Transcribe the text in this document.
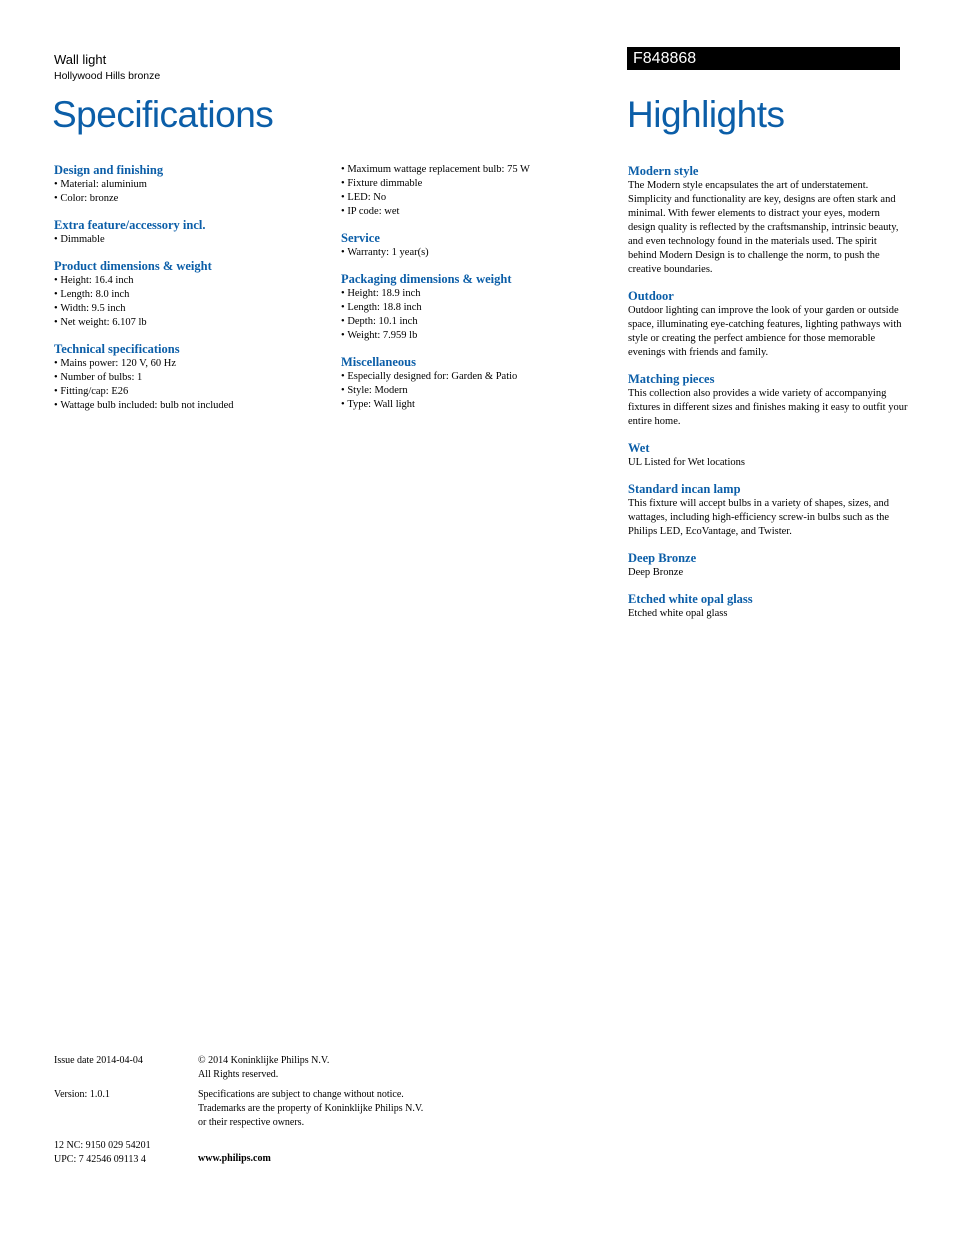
Wall light
Hollywood Hills bronze
F848868
Specifications	Highlights
Design and finishing
• Material: aluminium
• Color: bronze
Extra feature/accessory incl.
• Dimmable
Product dimensions & weight
• Height: 16.4 inch
• Length: 8.0 inch
• Width: 9.5 inch
• Net weight: 6.107 lb
Technical specifications
• Mains power: 120 V, 60 Hz
• Number of bulbs: 1
• Fitting/cap: E26
• Wattage bulb included: bulb not included
• Maximum wattage replacement bulb: 75 W
• Fixture dimmable
• LED: No
• IP code: wet
Service
• Warranty: 1 year(s)
Packaging dimensions & weight
• Height: 18.9 inch
• Length: 18.8 inch
• Depth: 10.1 inch
• Weight: 7.959 lb
Miscellaneous
• Especially designed for: Garden & Patio
• Style: Modern
• Type: Wall light
Modern style

The Modern style encapsulates the art of understatement. Simplicity and functionality are key, designs are often stark and minimal. With fewer elements to distract your eyes, modern design quality is reflected by the craftsmanship, intrinsic beauty, and even technology found in the materials used. The spirit behind Modern Design is to challenge the norm, to push the creative boundaries.

Outdoor

Outdoor lighting can improve the look of your garden or outside space, illuminating eye-catching features, lighting pathways with style or creating the perfect ambience for those memorable evenings with friends and family.

Matching pieces

This collection also provides a wide variety of accompanying fixtures in different sizes and finishes making it easy to outfit your entire home.

Wet

UL Listed for Wet locations

Standard incan lamp

This fixture will accept bulbs in a variety of shapes, sizes, and wattages, including high-efficiency screw-in bulbs such as the Philips LED, EcoVantage, and Twister.

Deep Bronze

Deep Bronze

Etched white opal glass

Etched white opal glass

Issue date 2014-04-04	© 2014 Koninklijke Philips N.V.
All Rights reserved.
Version: 1.0.1	Specifications are subject to change without notice.
Trademarks are the property of Koninklijke Philips N.V.
or their respective owners.
12 NC: 9150 029 54201
UPC: 7 42546 09113 4	www.philips.com
